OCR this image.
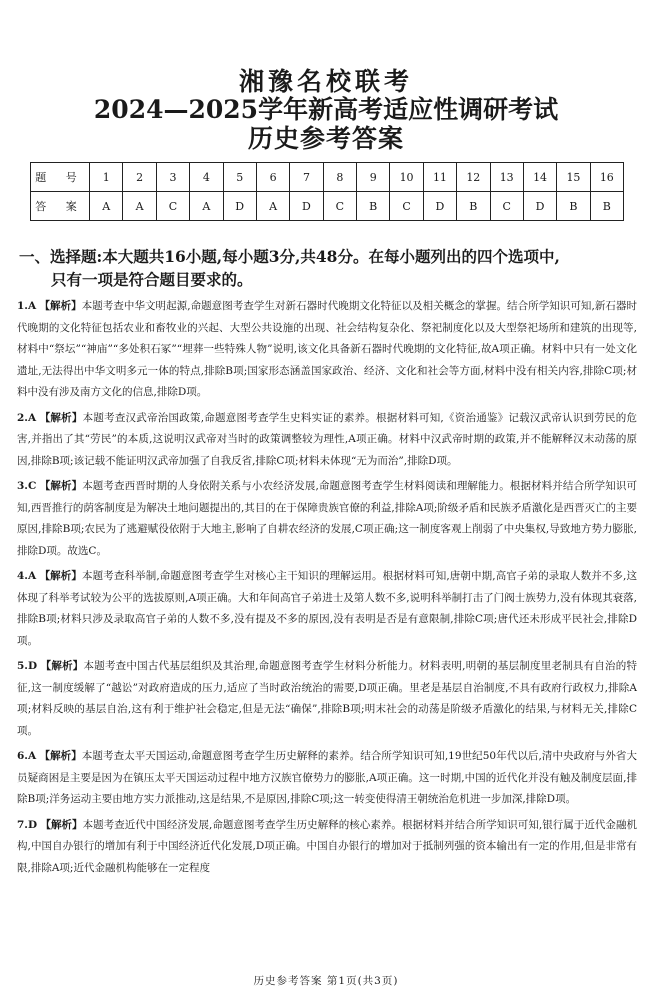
湘豫名校联考
2024—2025学年新高考适应性调研考试
历史参考答案
题 号	1	2	3	4	5	6	7	8	9	10	11	12	13	14	15	16
答 案	A	A	C	A	D	A	D	C	B	C	D	B	C	D	B	B
一、选择题:本大题共16小题,每小题3分,共48分。在每小题列出的四个选项中,
只有一项是符合题目要求的。
1.A 【解析】本题考查中华文明起源,命题意图考查学生对新石器时代晚期文化特征以及相关概念的掌握。结合所学知识可知,新石器时代晚期的文化特征包括农业和畜牧业的兴起、大型公共设施的出现、社会结构复杂化、祭祀制度化以及大型祭祀场所和建筑的出现等,材料中“祭坛”“神庙”“多处积石冢”“埋葬一些特殊人物”说明,该文化具备新石器时代晚期的文化特征,故A项正确。材料中只有一处文化遗址,无法得出中华文明多元一体的特点,排除B项;国家形态涵盖国家政治、经济、文化和社会等方面,材料中没有相关内容,排除C项;材料中没有涉及南方文化的信息,排除D项。
2.A 【解析】本题考查汉武帝治国政策,命题意图考查学生史料实证的素养。根据材料可知,《资治通鉴》记载汉武帝认识到劳民的危害,并指出了其“劳民”的本质,这说明汉武帝对当时的政策调整较为理性,A项正确。材料中汉武帝时期的政策,并不能解释汉末动荡的原因,排除B项;该记载不能证明汉武帝加强了自我反省,排除C项;材料未体现“无为而治”,排除D项。
3.C 【解析】本题考查西晋时期的人身依附关系与小农经济发展,命题意图考查学生材料阅读和理解能力。根据材料并结合所学知识可知,西晋推行的荫客制度是为解决土地问题提出的,其目的在于保障贵族官僚的利益,排除A项;阶级矛盾和民族矛盾激化是西晋灭亡的主要原因,排除B项;农民为了逃避赋役依附于大地主,影响了自耕农经济的发展,C项正确;这一制度客观上削弱了中央集权,导致地方势力膨胀,排除D项。故选C。
4.A 【解析】本题考查科举制,命题意图考查学生对核心主干知识的理解运用。根据材料可知,唐朝中期,高官子弟的录取人数并不多,这体现了科举考试较为公平的选拔原则,A项正确。大和年间高官子弟进士及第人数不多,说明科举制打击了门阀士族势力,没有体现其衰落,排除B项;材料只涉及录取高官子弟的人数不多,没有提及不多的原因,没有表明是否是有意限制,排除C项;唐代还未形成平民社会,排除D项。
5.D 【解析】本题考查中国古代基层组织及其治理,命题意图考查学生材料分析能力。材料表明,明朝的基层制度里老制具有自治的特征,这一制度缓解了“越讼”对政府造成的压力,适应了当时政治统治的需要,D项正确。里老是基层自治制度,不具有政府行政权力,排除A项;材料反映的基层自治,这有利于维护社会稳定,但是无法“确保”,排除B项;明末社会的动荡是阶级矛盾激化的结果,与材料无关,排除C项。
6.A 【解析】本题考查太平天国运动,命题意图考查学生历史解释的素养。结合所学知识可知,19世纪50年代以后,清中央政府与外省大员疑商困是主要是因为在镇压太平天国运动过程中地方汉族官僚势力的膨胀,A项正确。这一时期,中国的近代化并没有触及制度层面,排除B项;洋务运动主要由地方实力派推动,这是结果,不是原因,排除C项;这一转变使得清王朝统治危机进一步加深,排除D项。
7.D 【解析】本题考查近代中国经济发展,命题意图考查学生历史解释的核心素养。根据材料并结合所学知识可知,银行属于近代金融机构,中国自办银行的增加有利于中国经济近代化发展,D项正确。中国自办银行的增加对于抵制列强的资本输出有一定的作用,但是非常有限,排除A项;近代金融机构能够在一定程度
历史参考答案 第1页(共3页)
